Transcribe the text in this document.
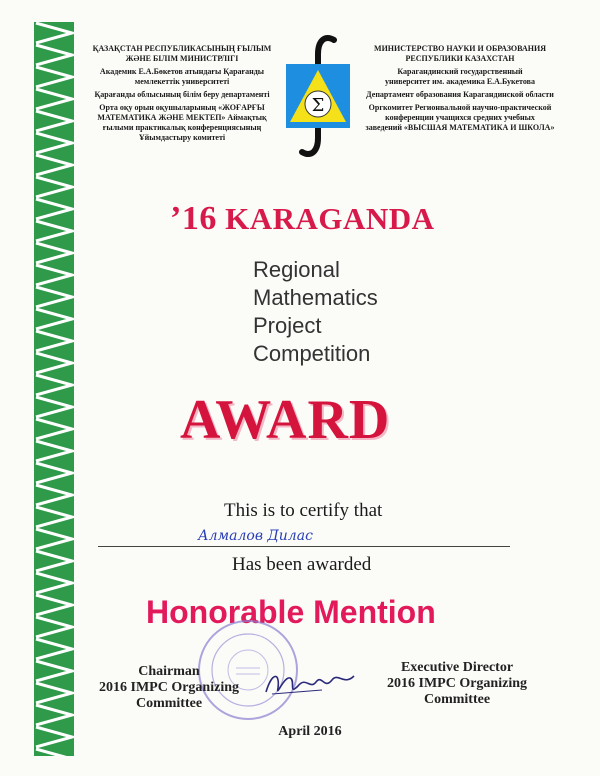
ҚАЗАҚСТАН РЕСПУБЛИКАСЫНЫҢ ҒЫЛЫМ

ЖӘНЕ БІЛІМ МИНИСТРЛІГІ

Академик Е.А.Бөкетов атындағы Қарағанды

мемлекеттік университеті

Қарағанды облысының білім беру департаменті

Орта оқу орын оқушыларының «ЖОҒАРҒЫ

МАТЕМАТИКА ЖӘНЕ МЕКТЕП» Аймақтық

ғылыми практикалық конференциясының

Ұйымдастыру комитеті

Σ

МИНИСТЕРСТВО НАУКИ И ОБРАЗОВАНИЯ

РЕСПУБЛИКИ КАЗАХСТАН

Карагандинский государственный

университет им. академика Е.А.Букетова

Департамент образования Карагандинской области

Оргкомитет Регионвальной научно-практической

конференции учащихся средних учебных

заведений «ВЫСШАЯ МАТЕМАТИКА И ШКОЛА»

’16 KARAGANDA
Regional
Mathematics
Project
Competition
AWARD
This is to certify that
Алмалов Дилас
Has been awarded
Honorable Mention
Chairman
2016 IMPC Organizing
Committee
Executive Director
2016 IMPC Organizing
Committee
April 2016
